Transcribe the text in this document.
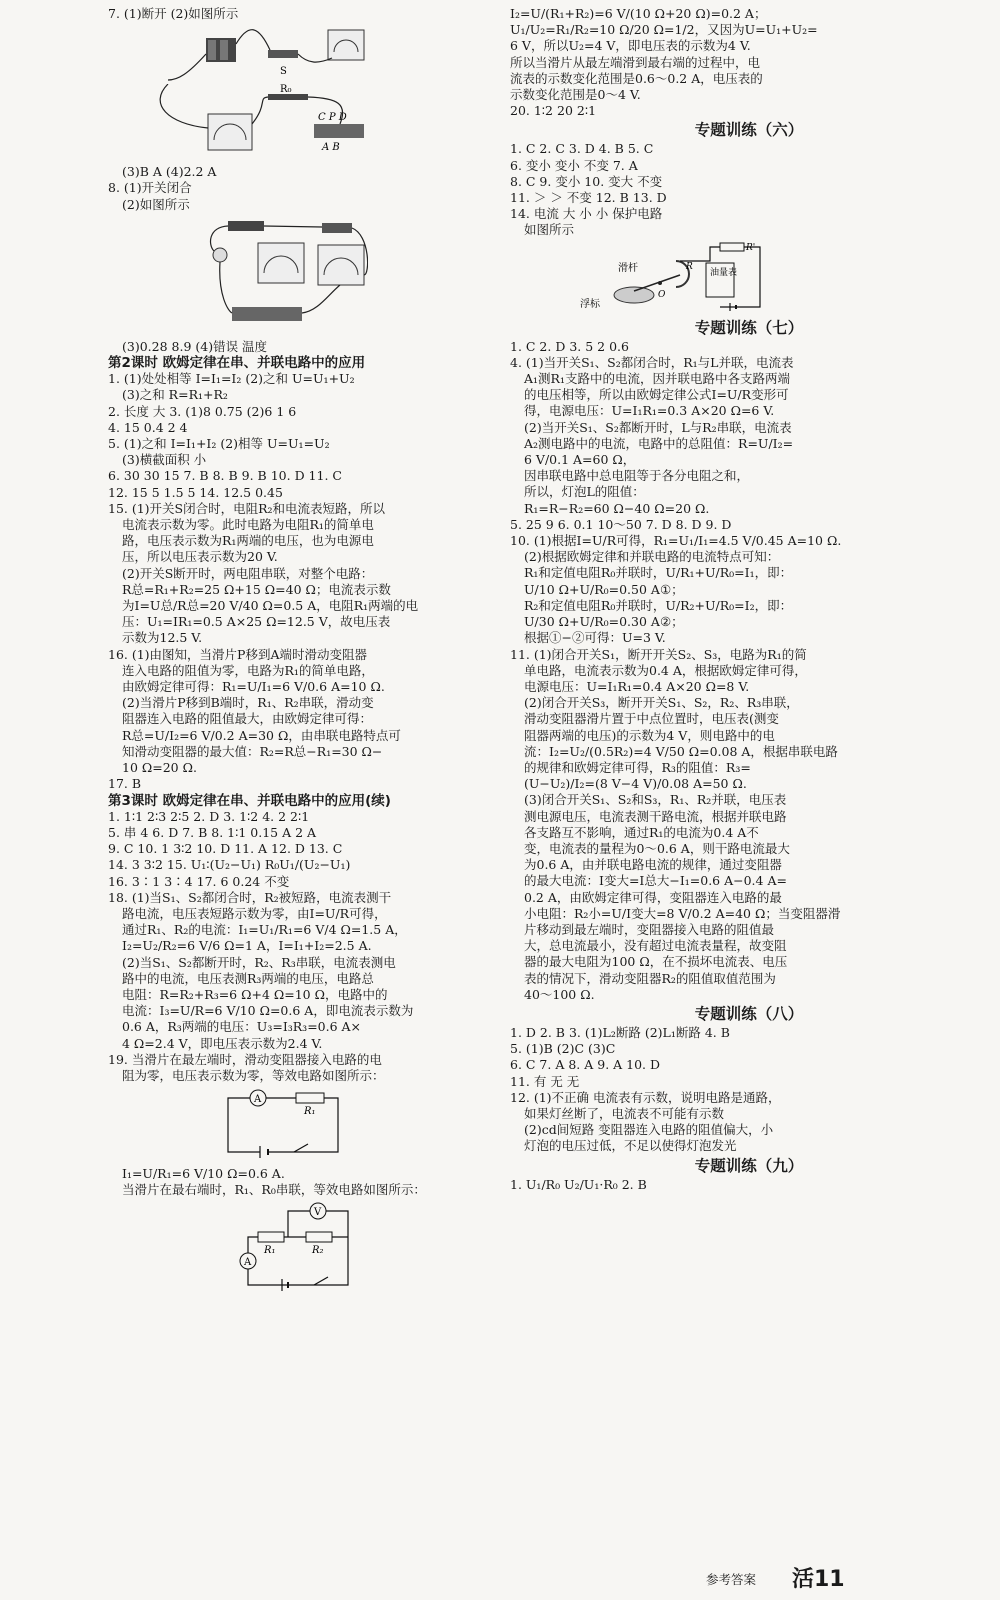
7. (1)断开 (2)如图所示
S
R₀
C P D
A B
(3)B A (4)2.2 A
8. (1)开关闭合
(2)如图所示
(3)0.28 8.9 (4)错误 温度
第2课时 欧姆定律在串、并联电路中的应用
1. (1)处处相等 I=I₁=I₂ (2)之和 U=U₁+U₂
(3)之和 R=R₁+R₂
2. 长度 大 3. (1)8 0.75 (2)6 1 6
4. 15 0.4 2 4
5. (1)之和 I=I₁+I₂ (2)相等 U=U₁=U₂
(3)横截面积 小
6. 30 30 15 7. B 8. B 9. B 10. D 11. C
12. 15 5 1.5 5 14. 12.5 0.45
15. (1)开关S闭合时，电阻R₂和电流表短路，所以
电流表示数为零。此时电路为电阻R₁的简单电
路，电压表示数为R₁两端的电压，也为电源电
压，所以电压表示数为20 V.
(2)开关S断开时，两电阻串联，对整个电路：
R总=R₁+R₂=25 Ω+15 Ω=40 Ω；电流表示数
为I=U总/R总=20 V/40 Ω=0.5 A，电阻R₁两端的电
压：U₁=IR₁=0.5 A×25 Ω=12.5 V，故电压表
示数为12.5 V.
16. (1)由图知，当滑片P移到A端时滑动变阻器
连入电路的阻值为零，电路为R₁的简单电路，
由欧姆定律可得：R₁=U/I₁=6 V/0.6 A=10 Ω.
(2)当滑片P移到B端时，R₁、R₂串联，滑动变
阻器连入电路的阻值最大，由欧姆定律可得：
R总=U/I₂=6 V/0.2 A=30 Ω，由串联电路特点可
知滑动变阻器的最大值：R₂=R总−R₁=30 Ω−
10 Ω=20 Ω.
17. B
第3课时 欧姆定律在串、并联电路中的应用(续)
1. 1∶1 2∶3 2∶5 2. D 3. 1∶2 4. 2 2∶1
5. 串 4 6. D 7. B 8. 1∶1 0.15 A 2 A
9. C 10. 1 3∶2 10. D 11. A 12. D 13. C
14. 3 3∶2 15. U₁∶(U₂−U₁) R₀U₁/(U₂−U₁)
16. 3∶1 3∶4 17. 6 0.24 不变
18. (1)当S₁、S₂都闭合时，R₂被短路，电流表测干
路电流，电压表短路示数为零，由I=U/R可得，
通过R₁、R₂的电流：I₁=U₁/R₁=6 V/4 Ω=1.5 A，
I₂=U₂/R₂=6 V/6 Ω=1 A，I=I₁+I₂=2.5 A.
(2)当S₁、S₂都断开时，R₂、R₃串联，电流表测电
路中的电流，电压表测R₃两端的电压，电路总
电阻：R=R₂+R₃=6 Ω+4 Ω=10 Ω，电路中的
电流：I₃=U/R=6 V/10 Ω=0.6 A，即电流表示数为
0.6 A，R₃两端的电压：U₃=I₃R₃=0.6 A×
4 Ω=2.4 V，即电压表示数为2.4 V.
19. 当滑片在最左端时，滑动变阻器接入电路的电
阻为零，电压表示数为零，等效电路如图所示：
A
R₁
I₁=U/R₁=6 V/10 Ω=0.6 A.
当滑片在最右端时，R₁、R₀串联，等效电路如图所示：
V
R₁	R₂
A
I₂=U/(R₁+R₂)=6 V/(10 Ω+20 Ω)=0.2 A；
U₁/U₂=R₁/R₂=10 Ω/20 Ω=1/2，又因为U=U₁+U₂=
6 V，所以U₂=4 V，即电压表的示数为4 V.
所以当滑片从最左端滑到最右端的过程中，电
流表的示数变化范围是0.6～0.2 A，电压表的
示数变化范围是0～4 V.
20. 1∶2 20 2∶1
专题训练（六）
1. C 2. C 3. D 4. B 5. C
6. 变小 变小 不变 7. A
8. C 9. 变小 10. 变大 不变
11. ＞ ＞ 不变 12. B 13. D
14. 电流 大 小 小 保护电路
如图所示
滑杆
浮标
O
R
R'
油量表
专题训练（七）
1. C 2. D 3. 5 2 0.6
4. (1)当开关S₁、S₂都闭合时，R₁与L并联，电流表
A₁测R₁支路中的电流，因并联电路中各支路两端
的电压相等，所以由欧姆定律公式I=U/R变形可
得，电源电压：U=I₁R₁=0.3 A×20 Ω=6 V.
(2)当开关S₁、S₂都断开时，L与R₂串联，电流表
A₂测电路中的电流，电路中的总阻值：R=U/I₂=
6 V/0.1 A=60 Ω，
因串联电路中总电阻等于各分电阻之和，
所以，灯泡L的阻值：
R₁=R−R₂=60 Ω−40 Ω=20 Ω.
5. 25 9 6. 0.1 10～50 7. D 8. D 9. D
10. (1)根据I=U/R可得，R₁=U₁/I₁=4.5 V/0.45 A=10 Ω.
(2)根据欧姆定律和并联电路的电流特点可知：
R₁和定值电阻R₀并联时，U/R₁+U/R₀=I₁，即：
U/10 Ω+U/R₀=0.50 A①；
R₂和定值电阻R₀并联时，U/R₂+U/R₀=I₂，即：
U/30 Ω+U/R₀=0.30 A②；
根据①−②可得：U=3 V.
11. (1)闭合开关S₁，断开开关S₂、S₃，电路为R₁的简
单电路，电流表示数为0.4 A，根据欧姆定律可得，
电源电压：U=I₁R₁=0.4 A×20 Ω=8 V.
(2)闭合开关S₃，断开开关S₁、S₂，R₂、R₃串联，
滑动变阻器滑片置于中点位置时，电压表(测变
阻器两端的电压)的示数为4 V，则电路中的电
流：I₂=U₂/(0.5R₂)=4 V/50 Ω=0.08 A，根据串联电路
的规律和欧姆定律可得，R₃的阻值：R₃=
(U−U₂)/I₂=(8 V−4 V)/0.08 A=50 Ω.
(3)闭合开关S₁、S₂和S₃，R₁、R₂并联，电压表
测电源电压，电流表测干路电流，根据并联电路
各支路互不影响，通过R₁的电流为0.4 A不
变，电流表的量程为0～0.6 A，则干路电流最大
为0.6 A，由并联电路电流的规律，通过变阻器
的最大电流：I变大=I总大−I₁=0.6 A−0.4 A=
0.2 A，由欧姆定律可得，变阻器连入电路的最
小电阻：R₂小=U/I变大=8 V/0.2 A=40 Ω；当变阻器滑
片移动到最左端时，变阻器接入电路的阻值最
大，总电流最小，没有超过电流表量程，故变阻
器的最大电阻为100 Ω，在不损坏电流表、电压
表的情况下，滑动变阻器R₂的阻值取值范围为
40～100 Ω.
专题训练（八）
1. D 2. B 3. (1)L₂断路 (2)L₁断路 4. B
5. (1)B (2)C (3)C
6. C 7. A 8. A 9. A 10. D
11. 有 无 无
12. (1)不正确 电流表有示数，说明电路是通路，
如果灯丝断了，电流表不可能有示数
(2)cd间短路 变阻器连入电路的阻值偏大，小
灯泡的电压过低，不足以使得灯泡发光
专题训练（九）
1. U₁/R₀ U₂/U₁·R₀ 2. B
参考答案 活11
